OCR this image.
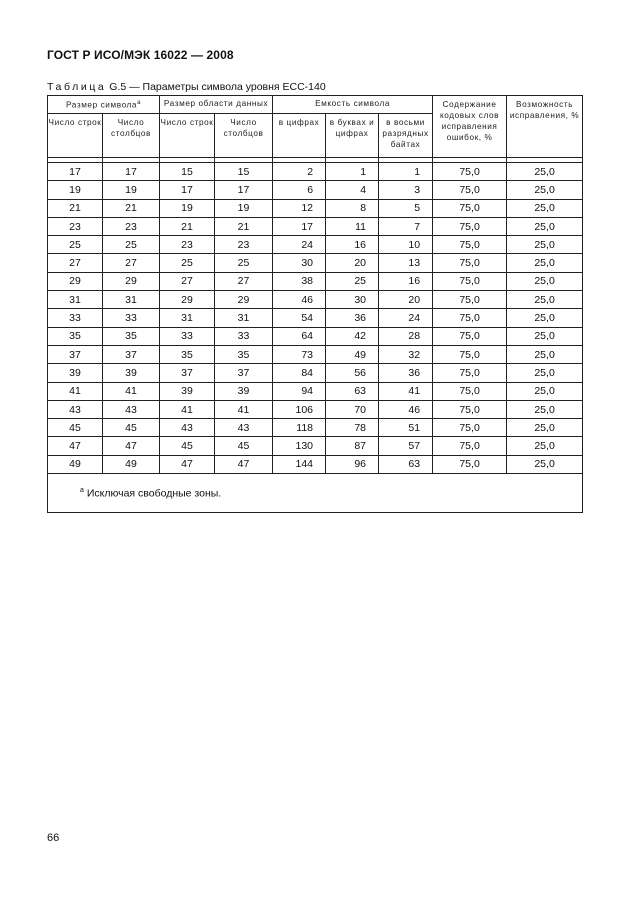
ГОСТ Р ИСО/МЭК 16022 — 2008
Таблица G.5 — Параметры символа уровня ECC-140
Размер символа$^a$		Размер области данных		Емкость символа			Содержание кодовых слов исправления ошибок, %	Возможность исправления, %
Число строк	Число столбцов	Число строк	Число столбцов	в цифрах	в буквах и цифрах	в восьми разрядных байтах		

17	17	15	15	2	1	1	75,0	25,0
19	19	17	17	6	4	3	75,0	25,0
21	21	19	19	12	8	5	75,0	25,0
23	23	21	21	17	11	7	75,0	25,0
25	25	23	23	24	16	10	75,0	25,0
27	27	25	25	30	20	13	75,0	25,0
29	29	27	27	38	25	16	75,0	25,0
31	31	29	29	46	30	20	75,0	25,0
33	33	31	31	54	36	24	75,0	25,0
35	35	33	33	64	42	28	75,0	25,0
37	37	35	35	73	49	32	75,0	25,0
39	39	37	37	84	56	36	75,0	25,0
41	41	39	39	94	63	41	75,0	25,0
43	43	41	41	106	70	46	75,0	25,0
45	45	43	43	118	78	51	75,0	25,0
47	47	45	45	130	87	57	75,0	25,0
49	49	47	47	144	96	63	75,0	25,0
$^a$ Исключая свободные зоны.								
66
